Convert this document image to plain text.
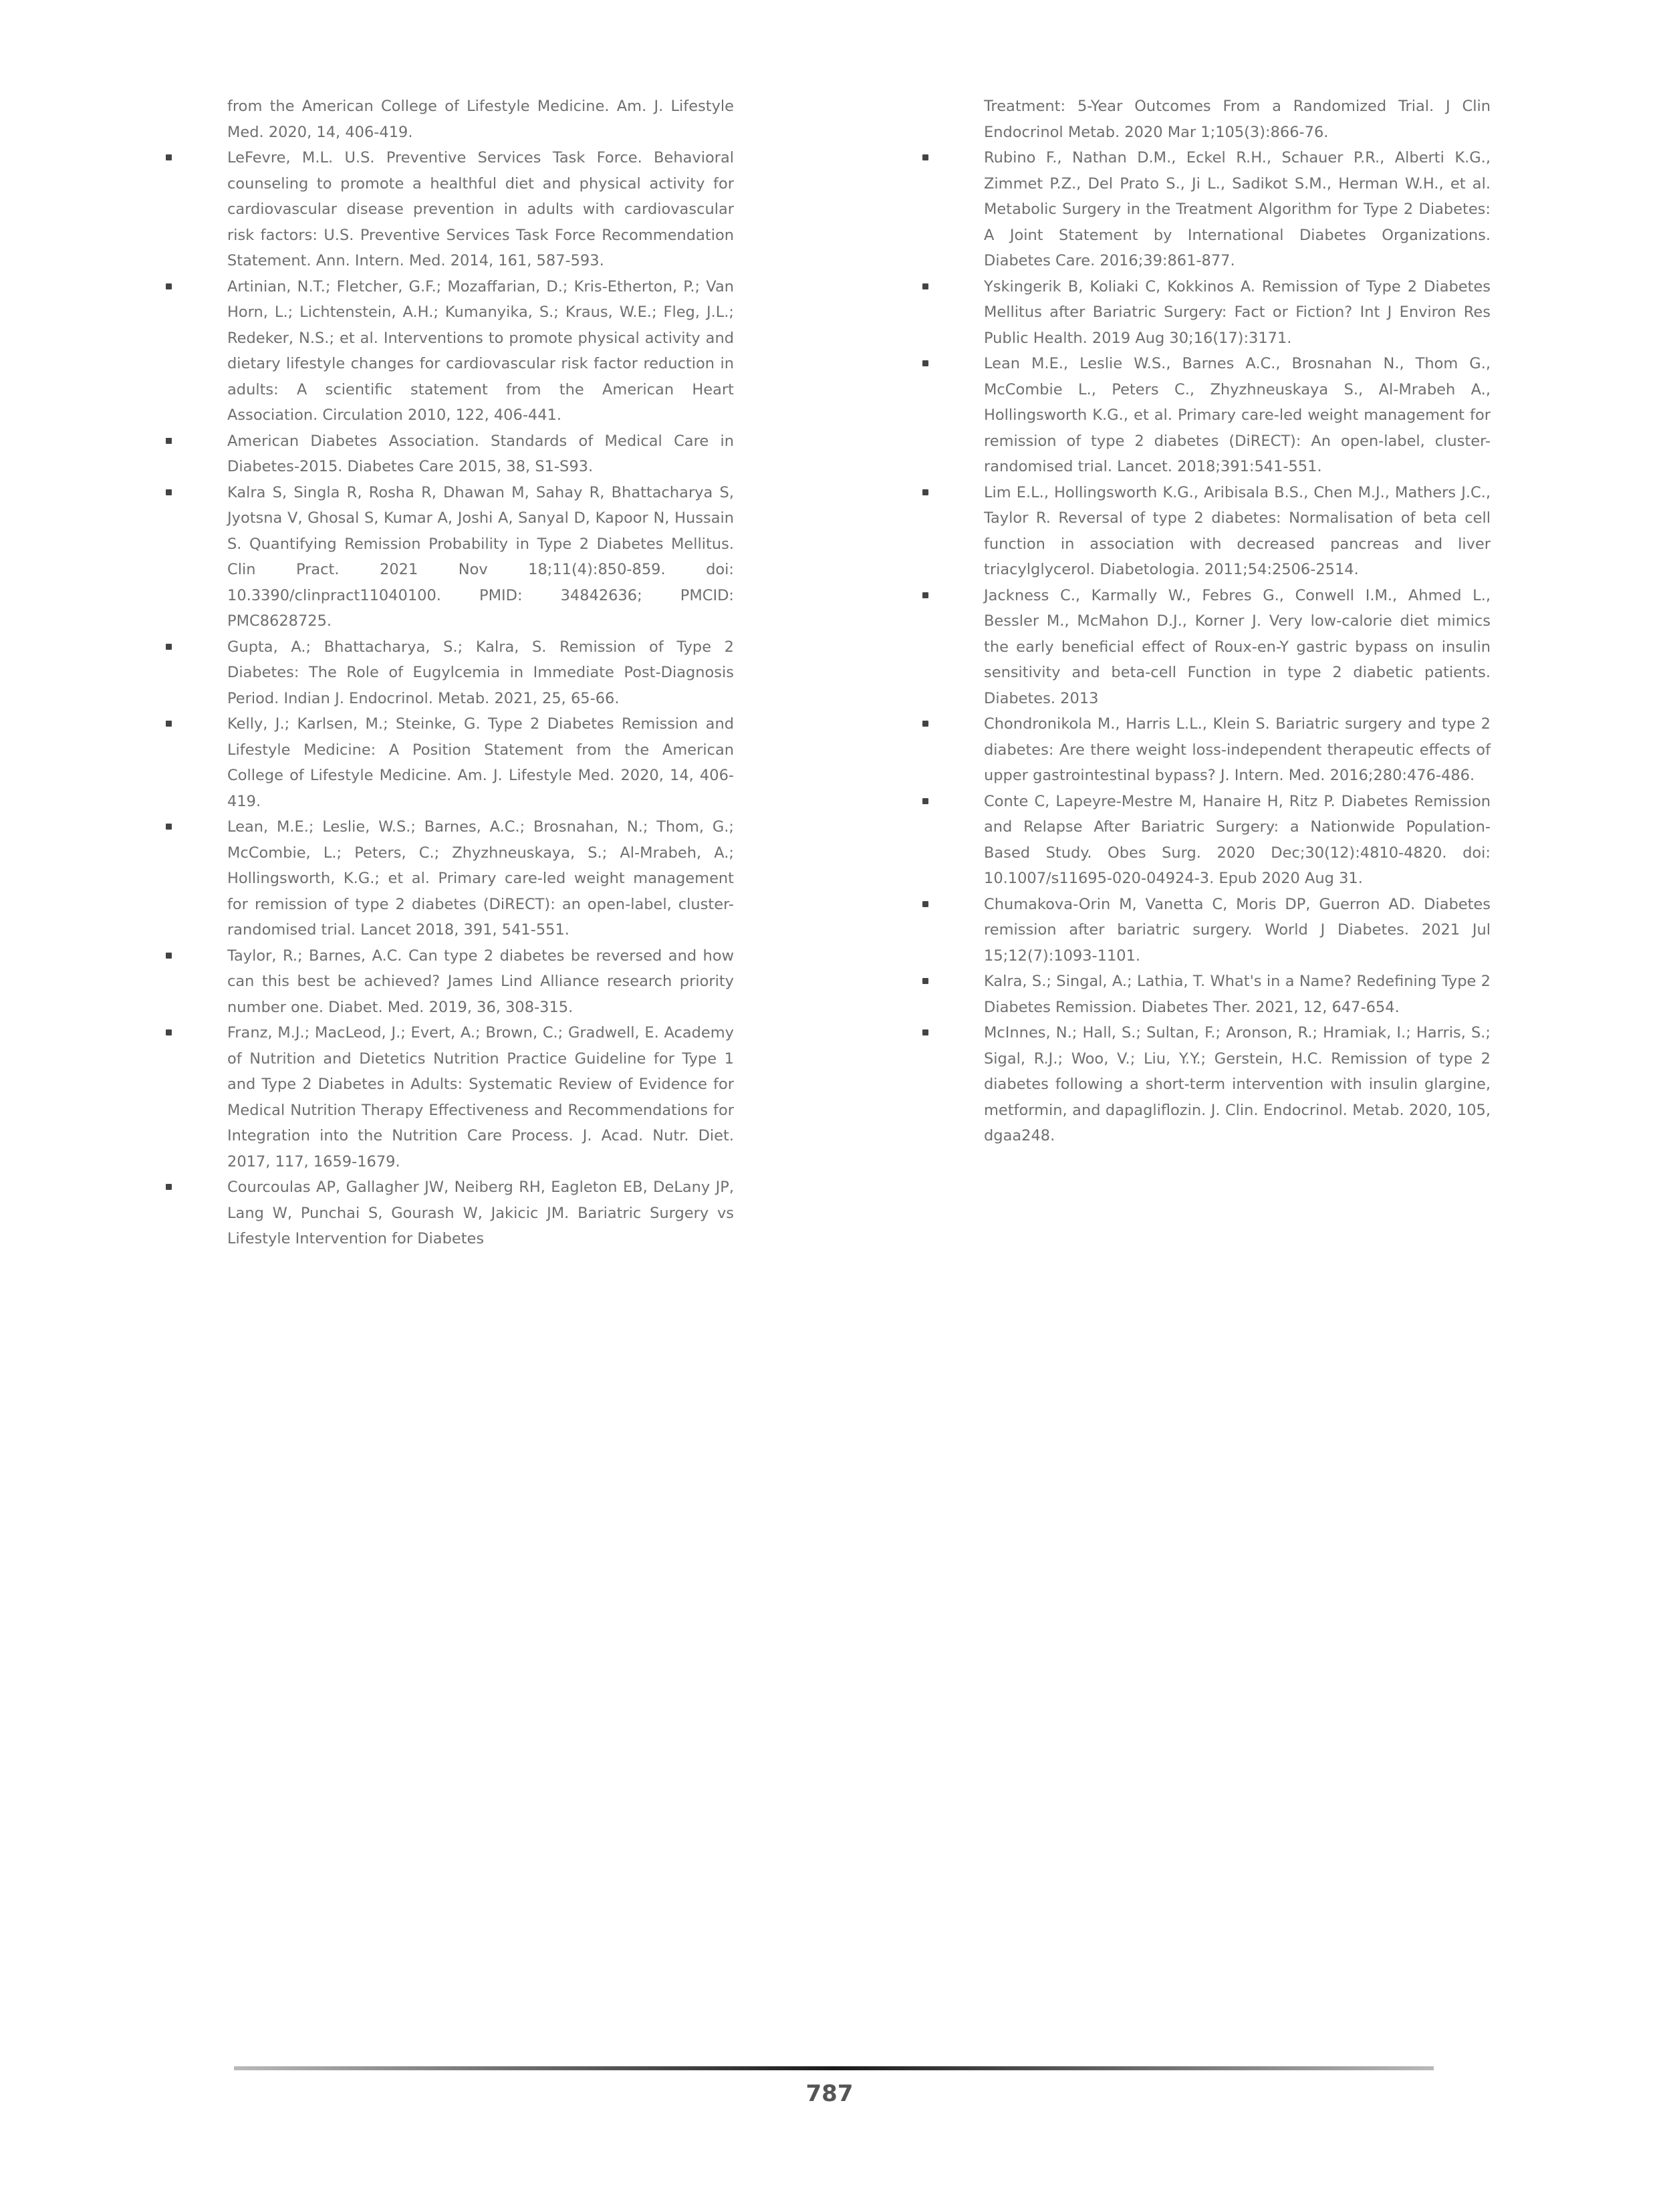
from the American College of Lifestyle Medicine. Am. J. Lifestyle Med. 2020, 14, 406-419.
LeFevre, M.L. U.S. Preventive Services Task Force. Behavioral counseling to promote a healthful diet and physical activity for cardiovascular disease prevention in adults with cardiovascular risk factors: U.S. Preventive Services Task Force Recommendation Statement. Ann. Intern. Med. 2014, 161, 587-593.
Artinian, N.T.; Fletcher, G.F.; Mozaffarian, D.; Kris-Etherton, P.; Van Horn, L.; Lichtenstein, A.H.; Kumanyika, S.; Kraus, W.E.; Fleg, J.L.; Redeker, N.S.; et al. Interventions to promote physical activity and dietary lifestyle changes for cardiovascular risk factor reduction in adults: A scientific statement from the American Heart Association. Circulation 2010, 122, 406-441.
American Diabetes Association. Standards of Medical Care in Diabetes-2015. Diabetes Care 2015, 38, S1-S93.
Kalra S, Singla R, Rosha R, Dhawan M, Sahay R, Bhattacharya S, Jyotsna V, Ghosal S, Kumar A, Joshi A, Sanyal D, Kapoor N, Hussain S. Quantifying Remission Probability in Type 2 Diabetes Mellitus. Clin Pract. 2021 Nov 18;11(4):850-859. doi: 10.3390/clinpract11040100. PMID: 34842636; PMCID: PMC8628725.
Gupta, A.; Bhattacharya, S.; Kalra, S. Remission of Type 2 Diabetes: The Role of Eugylcemia in Immediate Post-Diagnosis Period. Indian J. Endocrinol. Metab. 2021, 25, 65-66.
Kelly, J.; Karlsen, M.; Steinke, G. Type 2 Diabetes Remission and Lifestyle Medicine: A Position Statement from the American College of Lifestyle Medicine. Am. J. Lifestyle Med. 2020, 14, 406-419.
Lean, M.E.; Leslie, W.S.; Barnes, A.C.; Brosnahan, N.; Thom, G.; McCombie, L.; Peters, C.; Zhyzhneuskaya, S.; Al-Mrabeh, A.; Hollingsworth, K.G.; et al. Primary care-led weight management for remission of type 2 diabetes (DiRECT): an open-label, cluster-randomised trial. Lancet 2018, 391, 541-551.
Taylor, R.; Barnes, A.C. Can type 2 diabetes be reversed and how can this best be achieved? James Lind Alliance research priority number one. Diabet. Med. 2019, 36, 308-315.
Franz, M.J.; MacLeod, J.; Evert, A.; Brown, C.; Gradwell, E. Academy of Nutrition and Dietetics Nutrition Practice Guideline for Type 1 and Type 2 Diabetes in Adults: Systematic Review of Evidence for Medical Nutrition Therapy Effectiveness and Recommendations for Integration into the Nutrition Care Process. J. Acad. Nutr. Diet. 2017, 117, 1659-1679.
Courcoulas AP, Gallagher JW, Neiberg RH, Eagleton EB, DeLany JP, Lang W, Punchai S, Gourash W, Jakicic JM. Bariatric Surgery vs Lifestyle Intervention for Diabetes
Treatment: 5-Year Outcomes From a Randomized Trial. J Clin Endocrinol Metab. 2020 Mar 1;105(3):866-76.
Rubino F., Nathan D.M., Eckel R.H., Schauer P.R., Alberti K.G., Zimmet P.Z., Del Prato S., Ji L., Sadikot S.M., Herman W.H., et al. Metabolic Surgery in the Treatment Algorithm for Type 2 Diabetes: A Joint Statement by International Diabetes Organizations. Diabetes Care. 2016;39:861-877.
Yskingerik B, Koliaki C, Kokkinos A. Remission of Type 2 Diabetes Mellitus after Bariatric Surgery: Fact or Fiction? Int J Environ Res Public Health. 2019 Aug 30;16(17):3171.
Lean M.E., Leslie W.S., Barnes A.C., Brosnahan N., Thom G., McCombie L., Peters C., Zhyzhneuskaya S., Al-Mrabeh A., Hollingsworth K.G., et al. Primary care-led weight management for remission of type 2 diabetes (DiRECT): An open-label, cluster-randomised trial. Lancet. 2018;391:541-551.
Lim E.L., Hollingsworth K.G., Aribisala B.S., Chen M.J., Mathers J.C., Taylor R. Reversal of type 2 diabetes: Normalisation of beta cell function in association with decreased pancreas and liver triacylglycerol. Diabetologia. 2011;54:2506-2514.
Jackness C., Karmally W., Febres G., Conwell I.M., Ahmed L., Bessler M., McMahon D.J., Korner J. Very low-calorie diet mimics the early beneficial effect of Roux-en-Y gastric bypass on insulin sensitivity and beta-cell Function in type 2 diabetic patients. Diabetes. 2013
Chondronikola M., Harris L.L., Klein S. Bariatric surgery and type 2 diabetes: Are there weight loss-independent therapeutic effects of upper gastrointestinal bypass? J. Intern. Med. 2016;280:476-486.
Conte C, Lapeyre-Mestre M, Hanaire H, Ritz P. Diabetes Remission and Relapse After Bariatric Surgery: a Nationwide Population-Based Study. Obes Surg. 2020 Dec;30(12):4810-4820. doi: 10.1007/s11695-020-04924-3. Epub 2020 Aug 31.
Chumakova-Orin M, Vanetta C, Moris DP, Guerron AD. Diabetes remission after bariatric surgery. World J Diabetes. 2021 Jul 15;12(7):1093-1101.
Kalra, S.; Singal, A.; Lathia, T. What's in a Name? Redefining Type 2 Diabetes Remission. Diabetes Ther. 2021, 12, 647-654.
McInnes, N.; Hall, S.; Sultan, F.; Aronson, R.; Hramiak, I.; Harris, S.; Sigal, R.J.; Woo, V.; Liu, Y.Y.; Gerstein, H.C. Remission of type 2 diabetes following a short-term intervention with insulin glargine, metformin, and dapagliflozin. J. Clin. Endocrinol. Metab. 2020, 105, dgaa248.
787
